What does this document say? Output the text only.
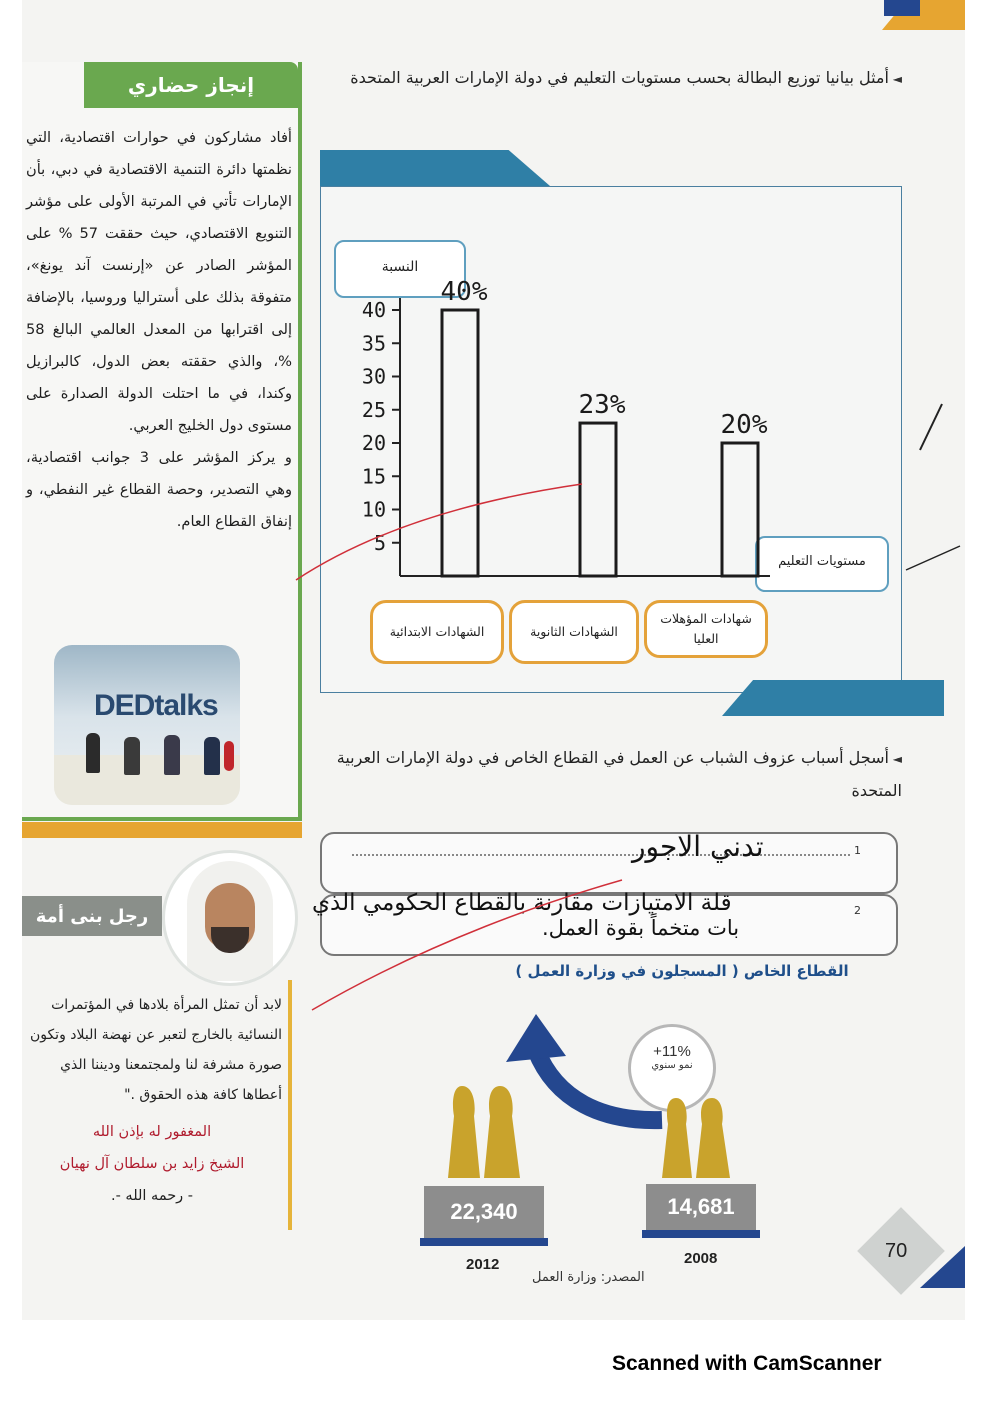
إنجاز حضاري
أفاد مشاركون في حوارات اقتصادية، التي نظمتها دائرة التنمية الاقتصادية في دبي، بأن الإمارات تأتي في المرتبة الأولى على مؤشر التنويع الاقتصادي، حيث حققت 57 % على المؤشر الصادر عن «إرنست آند يونغ»، متفوقة بذلك على أستراليا وروسيا، بالإضافة إلى اقترابها من المعدل العالمي البالغ 58 %، والذي حققته بعض الدول، كالبرازيل وكندا، في ما احتلت الدولة الصدارة على مستوى دول الخليج العربي.
و يركز المؤشر على 3 جوانب اقتصادية، وهي التصدير، وحصة القطاع غير النفطي، و إنفاق القطاع العام.
DEDtalks
رجل بنى أمة
لابد أن تمثل المرأة بلادها في المؤتمرات النسائية بالخارج لتعبر عن نهضة البلاد وتكون صورة مشرفة لنا ولمجتمعنا وديننا الذي أعطاها كافة هذه الحقوق ."
المغفور له بإذن الله
الشيخ زايد بن سلطان آل نهيان
- رحمه الله -.
◄ أمثل بيانيا توزيع البطالة بحسب مستويات التعليم في دولة الإمارات العربية المتحدة
النسبة
مستويات التعليم
5
10
15
20
25
30
35
40
40%
23%
20%
الشهادات الابتدائية	الشهادات الثانوية
شهادات المؤهلات العليا
◄ أسجل أسباب عزوف الشباب عن العمل في القطاع الخاص في دولة الإمارات العربية المتحدة
1
تدني الاجور
2
قلة الامتيازات مقارنة بالقطاع الحكومي الذي
بات متخماً بقوة العمل.
القطاع الخاص ( المسجلون في وزارة العمل )
+11%
نمو سنوي
22,340
2012
14,681
2008
المصدر: وزارة العمل
70
Scanned with CamScanner
